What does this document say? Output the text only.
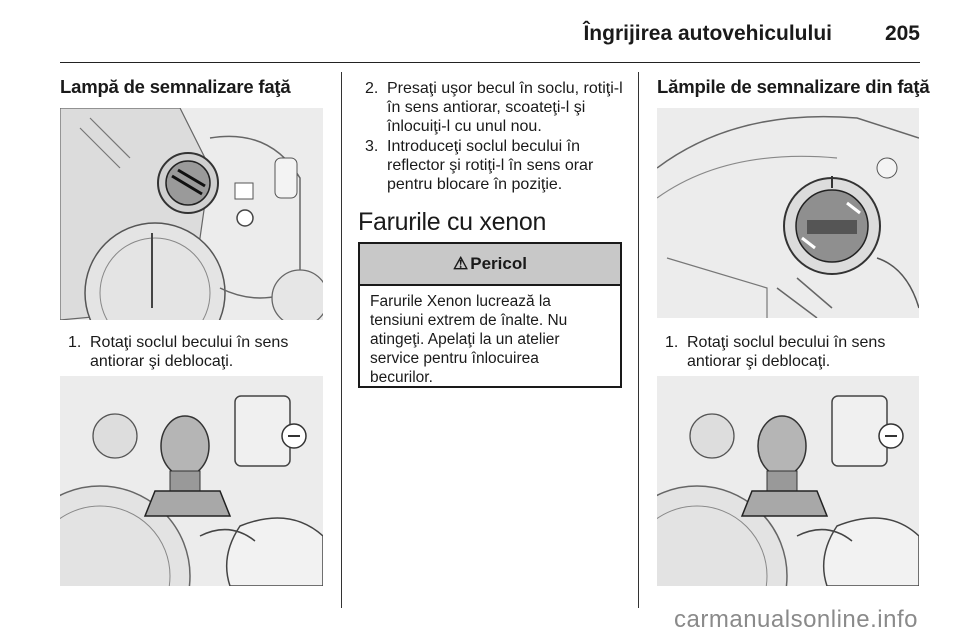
Îngrijirea autovehiculului	205
Lampă de semnalizare faţă
1. Rotaţi soclul becului în sens
antiorar şi deblocaţi.
2. Presaţi uşor becul în soclu, rotiţi-l
în sens antiorar, scoateţi-l şi
înlocuiţi-l cu unul nou.
3. Introduceţi soclul becului în
reflector şi rotiţi-l în sens orar
pentru blocare în poziţie.
Farurile cu xenon
⚠ Pericol
Farurile Xenon lucrează la
tensiuni extrem de înalte. Nu
atingeţi. Apelaţi la un atelier
service pentru înlocuirea
becurilor.
Lămpile de semnalizare din faţă
1. Rotaţi soclul becului în sens
antiorar şi deblocaţi.
carmanualsonline.info
